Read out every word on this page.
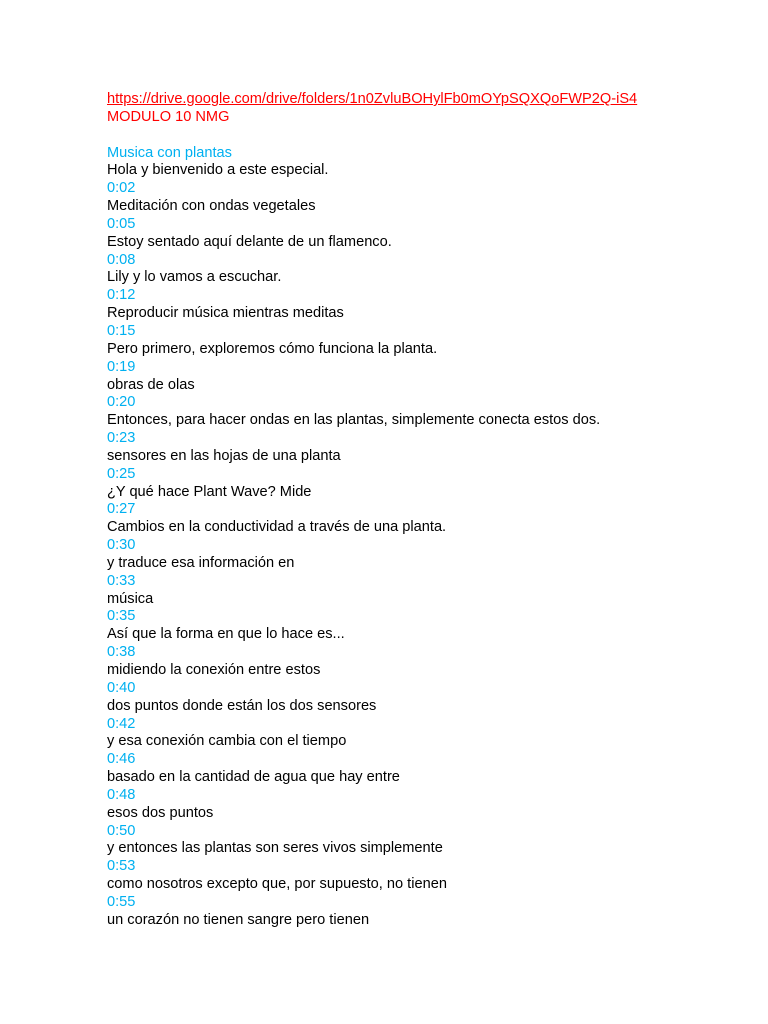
https://drive.google.com/drive/folders/1n0ZvluBOHylFb0mOYpSQXQoFWP2Q-iS4
MODULO 10 NMG
Musica con plantas
Hola y bienvenido a este especial.
0:02
Meditación con ondas vegetales
0:05
Estoy sentado aquí delante de un flamenco.
0:08
Lily y lo vamos a escuchar.
0:12
Reproducir música mientras meditas
0:15
Pero primero, exploremos cómo funciona la planta.
0:19
obras de olas
0:20
Entonces, para hacer ondas en las plantas, simplemente conecta estos dos.
0:23
sensores en las hojas de una planta
0:25
¿Y qué hace Plant Wave? Mide
0:27
Cambios en la conductividad a través de una planta.
0:30
y traduce esa información en
0:33
música
0:35
Así que la forma en que lo hace es...
0:38
midiendo la conexión entre estos
0:40
dos puntos donde están los dos sensores
0:42
y esa conexión cambia con el tiempo
0:46
basado en la cantidad de agua que hay entre
0:48
esos dos puntos
0:50
y entonces las plantas son seres vivos simplemente
0:53
como nosotros excepto que, por supuesto, no tienen
0:55
un corazón no tienen sangre pero tienen
